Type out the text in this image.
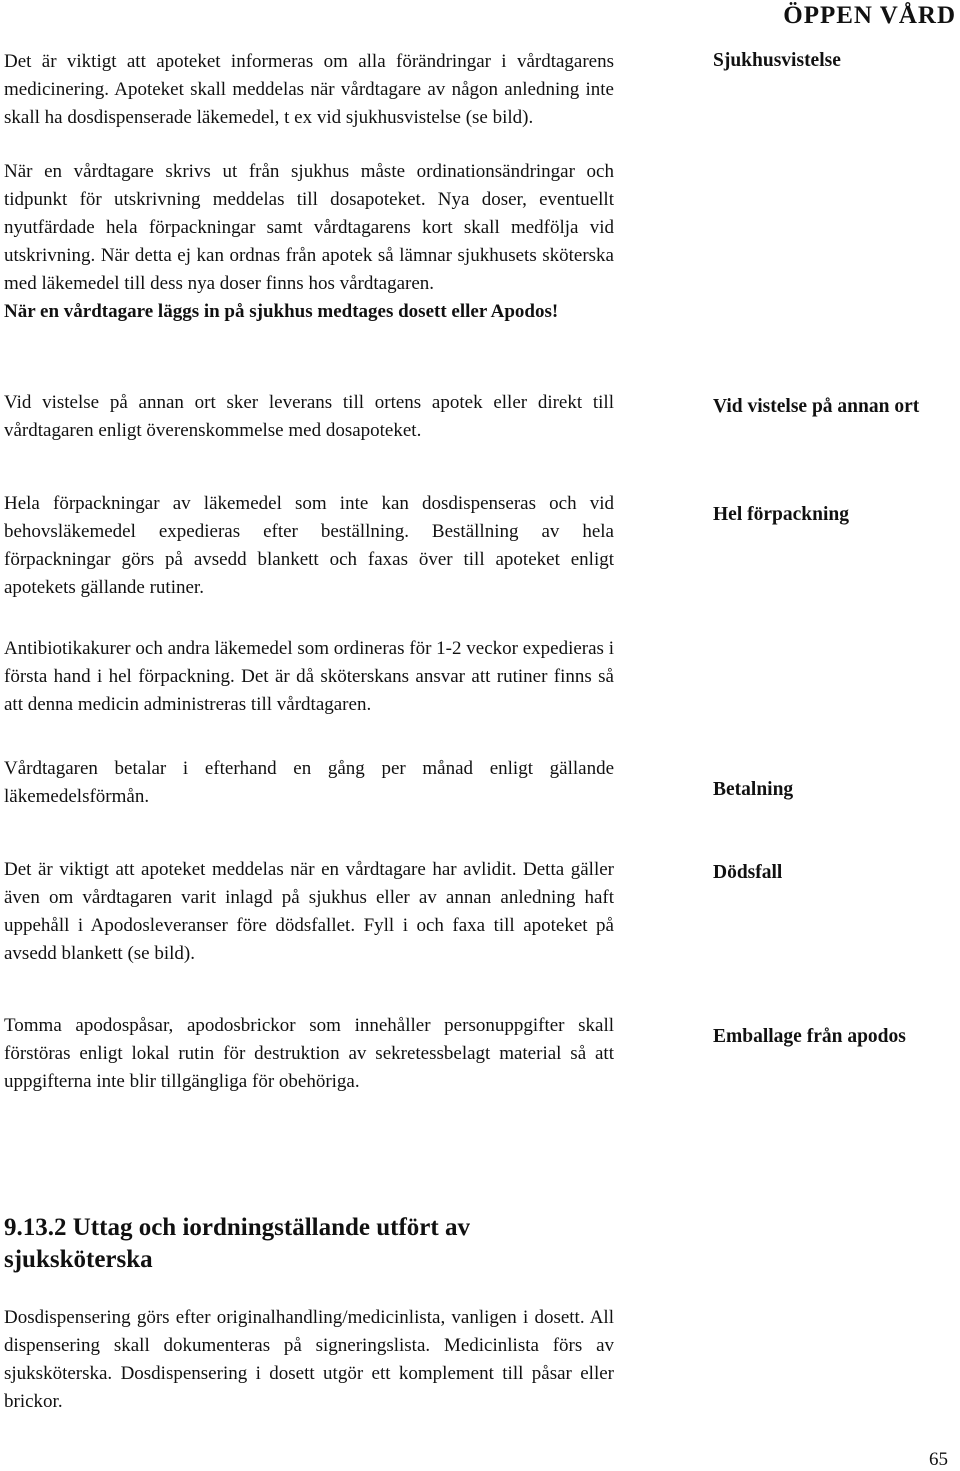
ÖPPEN VÅRD

Det är viktigt att apoteket informeras om alla förändringar i vårdtagarens medicinering. Apoteket skall meddelas när vårdtagare av någon anledning inte skall ha dosdispenserade läkemedel, t ex vid sjukhusvistelse (se bild).

Sjukhusvistelse

När en vårdtagare skrivs ut från sjukhus måste ordinationsändringar och tidpunkt för utskrivning meddelas till dosapoteket. Nya doser, eventuellt nyutfärdade hela förpackningar samt vårdtagarens kort skall medfölja vid utskrivning. När detta ej kan ordnas från apotek så lämnar sjukhusets sköterska med läkemedel till dess nya doser finns hos vårdtagaren.

När en vårdtagare läggs in på sjukhus medtages dosett eller Apodos!

Vid vistelse på annan ort sker leverans till ortens apotek eller direkt till vårdtagaren enligt överenskommelse med dosapoteket.

Vid vistelse på annan ort

Hela förpackningar av läkemedel som inte kan dosdispenseras och vid behovsläkemedel expedieras efter beställning. Beställning av hela förpackningar görs på avsedd blankett och faxas över till apoteket enligt apotekets gällande rutiner.

Hel förpackning

Antibiotikakurer och andra läkemedel som ordineras för 1-2 veckor expedieras i första hand i hel förpackning. Det är då sköterskans ansvar att rutiner finns så att denna medicin administreras till vårdtagaren.

Vårdtagaren betalar i efterhand en gång per månad enligt gällande läkemedelsförmån.	Betalning

Det är viktigt att apoteket meddelas när en vårdtagare har avlidit. Detta gäller även om vårdtagaren varit inlagd på sjukhus eller av annan anledning haft uppehåll i Apodosleveranser före dödsfallet. Fyll i och faxa till apoteket på avsedd blankett (se bild).

Dödsfall

Tomma apodospåsar, apodosbrickor som innehåller personuppgifter skall förstöras enligt lokal rutin för destruktion av sekretessbelagt material så att uppgifterna inte blir tillgängliga för obehöriga.

Emballage från apodos
9.13.2 Uttag och iordningställande utfört av sjuksköterska

Dosdispensering görs efter originalhandling/medicinlista, vanligen i dosett. All dispensering skall dokumenteras på signeringslista. Medicinlista förs av sjuksköterska. Dosdispensering i dosett utgör ett komplement till påsar eller brickor.

65
